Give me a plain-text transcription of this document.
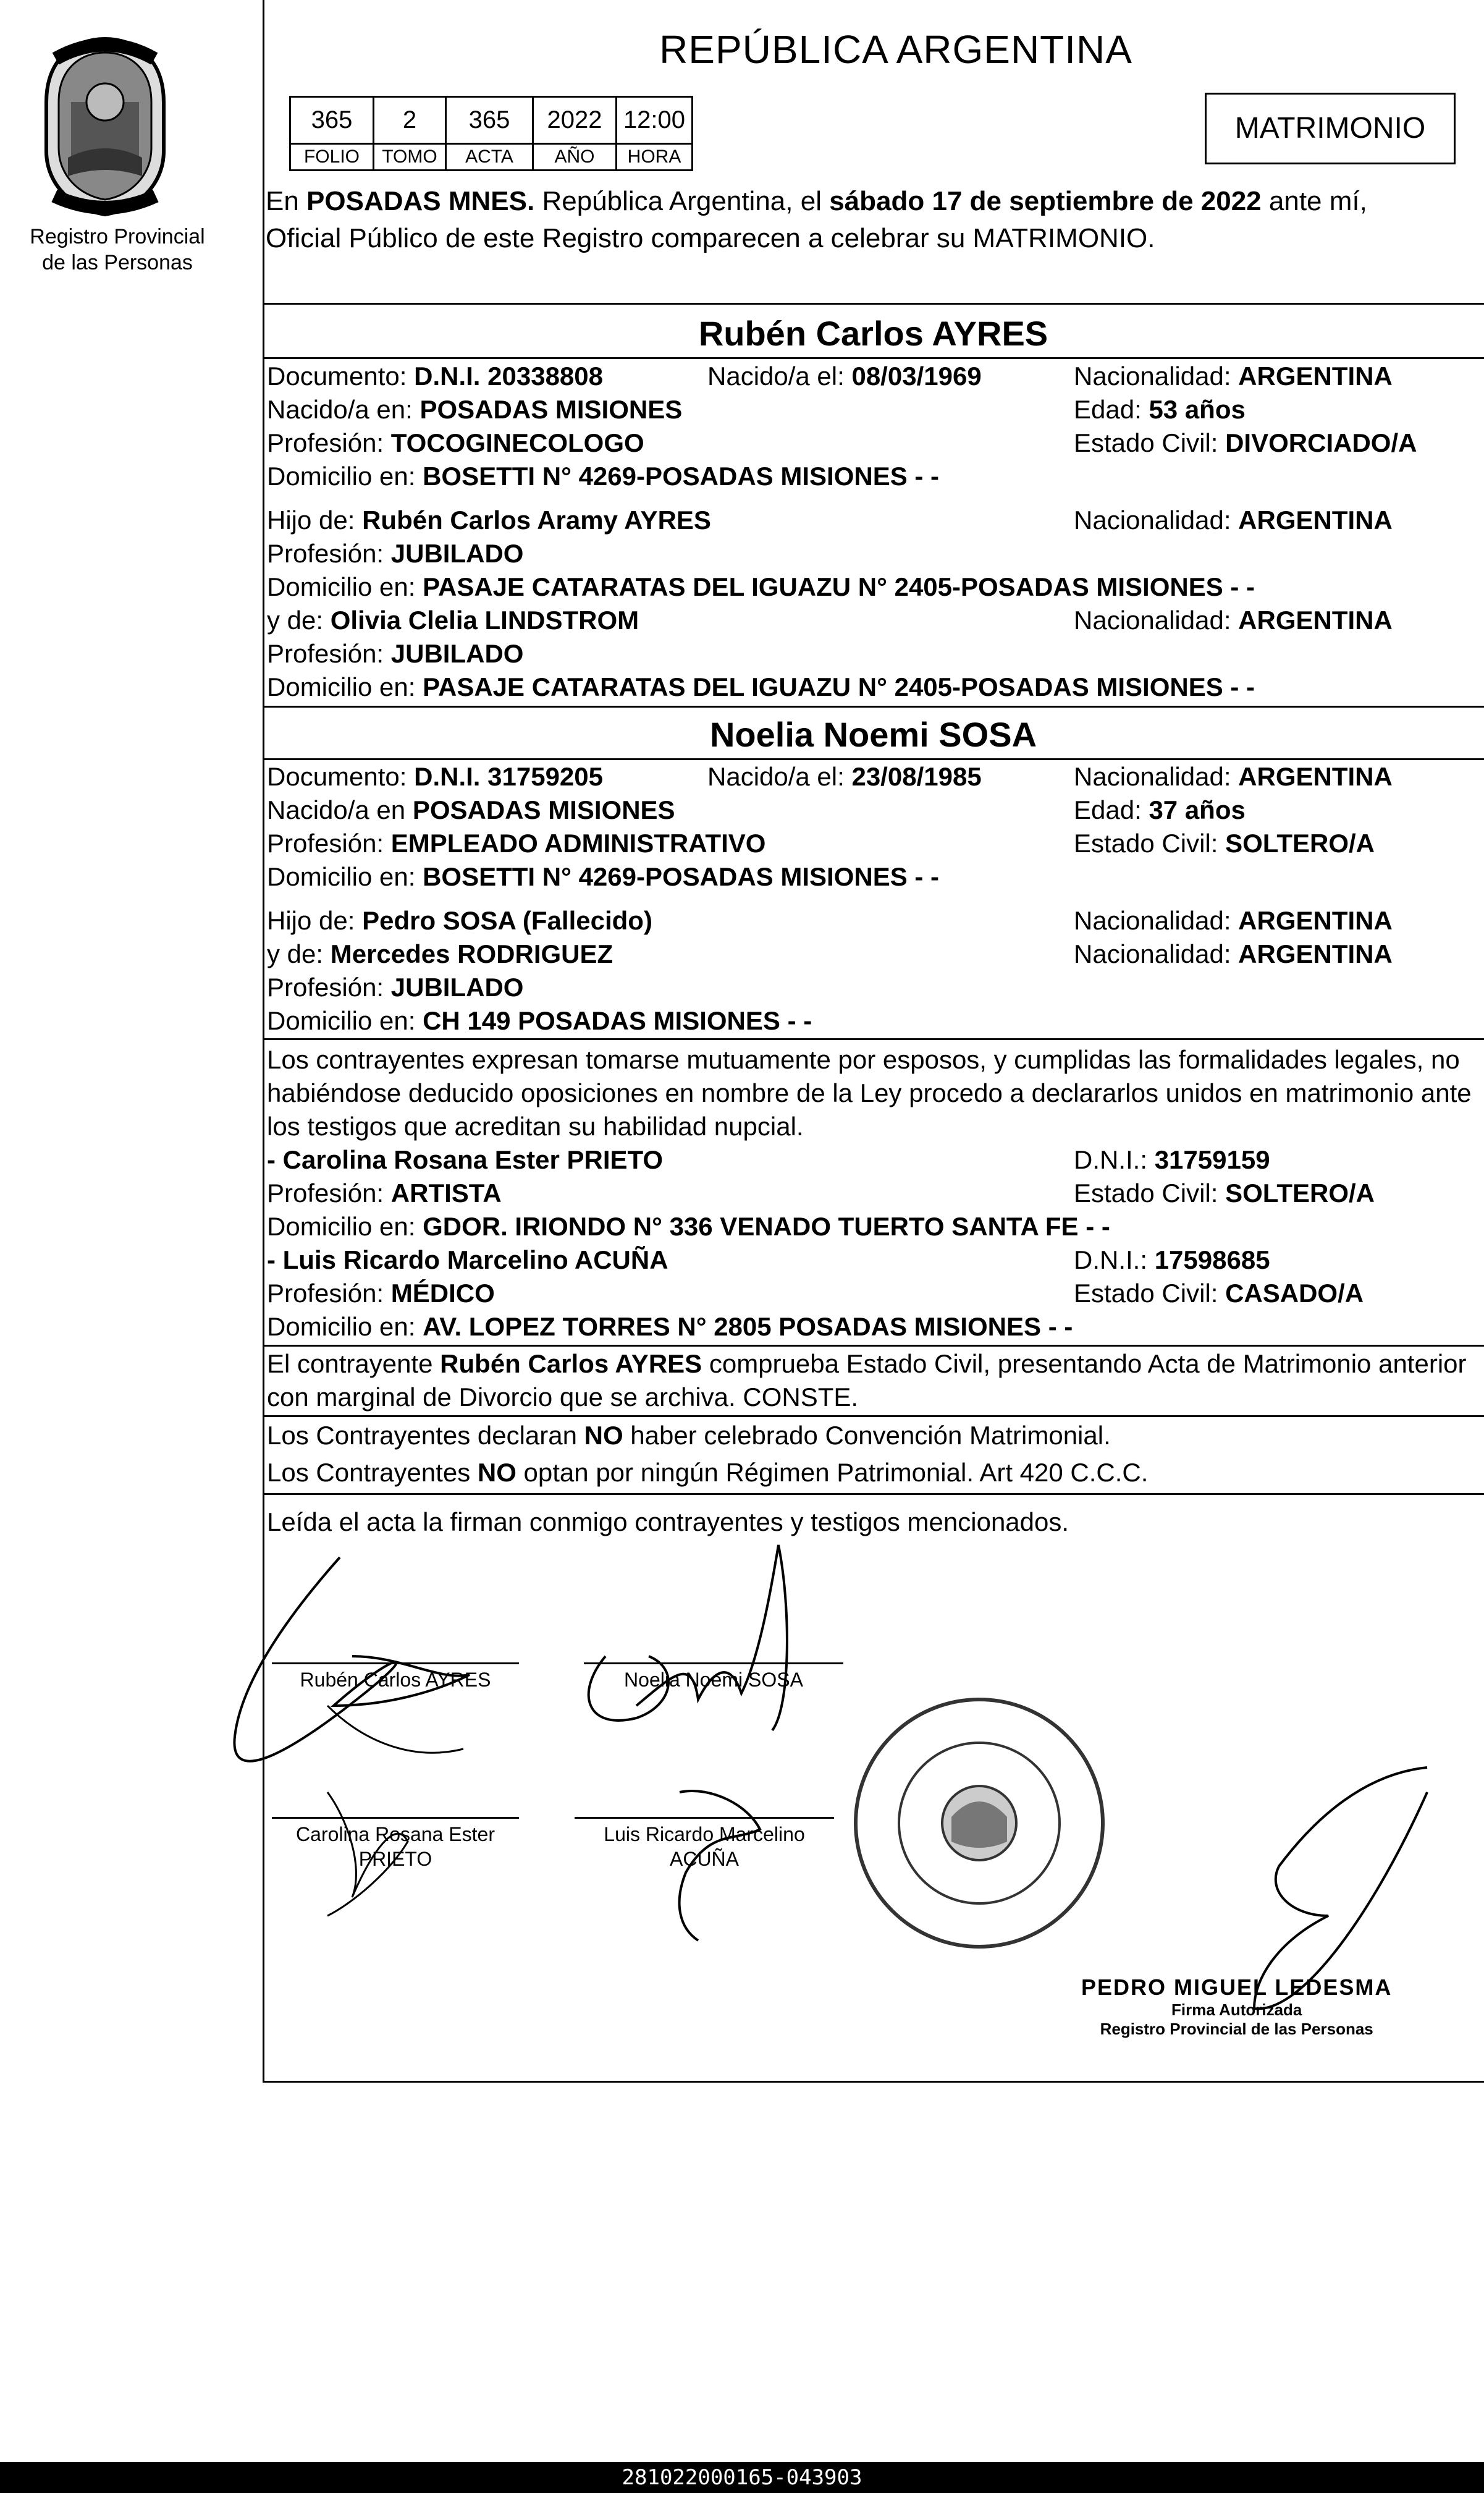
Registro Provincial
de las Personas
REPÚBLICA ARGENTINA
365	2	365	2022	12:00
FOLIO	TOMO	ACTA	AÑO	HORA
MATRIMONIO
En POSADAS MNES. República Argentina, el sábado 17 de septiembre de 2022 ante mí,
Oficial Público de este Registro comparecen a celebrar su MATRIMONIO.
Rubén Carlos AYRES
Documento: D.N.I. 20338808	Nacido/a el: 08/03/1969	Nacionalidad: ARGENTINA
Nacido/a en: POSADAS MISIONES	Edad: 53 años
Profesión: TOCOGINECOLOGO	Estado Civil: DIVORCIADO/A
Domicilio en: BOSETTI N° 4269-POSADAS MISIONES - -
Hijo de: Rubén Carlos Aramy AYRES	Nacionalidad: ARGENTINA
Profesión: JUBILADO
Domicilio en: PASAJE CATARATAS DEL IGUAZU N° 2405-POSADAS MISIONES - -
y de: Olivia Clelia LINDSTROM	Nacionalidad: ARGENTINA
Profesión: JUBILADO
Domicilio en: PASAJE CATARATAS DEL IGUAZU N° 2405-POSADAS MISIONES - -
Noelia Noemi SOSA
Documento: D.N.I. 31759205	Nacido/a el: 23/08/1985	Nacionalidad: ARGENTINA
Nacido/a en POSADAS MISIONES	Edad: 37 años
Profesión: EMPLEADO ADMINISTRATIVO	Estado Civil: SOLTERO/A
Domicilio en: BOSETTI N° 4269-POSADAS MISIONES - -
Hijo de: Pedro SOSA (Fallecido)	Nacionalidad: ARGENTINA
y de: Mercedes RODRIGUEZ	Nacionalidad: ARGENTINA
Profesión: JUBILADO
Domicilio en: CH 149 POSADAS MISIONES - -
Los contrayentes expresan tomarse mutuamente por esposos, y cumplidas las formalidades legales, no
habiéndose deducido oposiciones en nombre de la Ley procedo a declararlos unidos en matrimonio ante
los testigos que acreditan su habilidad nupcial.
- Carolina Rosana Ester PRIETO	D.N.I.: 31759159
Profesión: ARTISTA	Estado Civil: SOLTERO/A
Domicilio en: GDOR. IRIONDO N° 336 VENADO TUERTO SANTA FE - -
- Luis Ricardo Marcelino ACUÑA	D.N.I.: 17598685
Profesión: MÉDICO	Estado Civil: CASADO/A
Domicilio en: AV. LOPEZ TORRES N° 2805 POSADAS MISIONES - -
El contrayente Rubén Carlos AYRES comprueba Estado Civil, presentando Acta de Matrimonio anterior
con marginal de Divorcio que se archiva. CONSTE.
Los Contrayentes declaran NO haber celebrado Convención Matrimonial.
Los Contrayentes NO optan por ningún Régimen Patrimonial. Art 420 C.C.C.
Leída el acta la firman conmigo contrayentes y testigos mencionados.
Rubén Carlos AYRES	Noelia Noemi SOSA
Carolina Rosana Ester
PRIETO
Luis Ricardo Marcelino
ACUÑA
PEDRO MIGUEL LEDESMA
Firma Autorizada
Registro Provincial de las Personas
281022000165-043903
